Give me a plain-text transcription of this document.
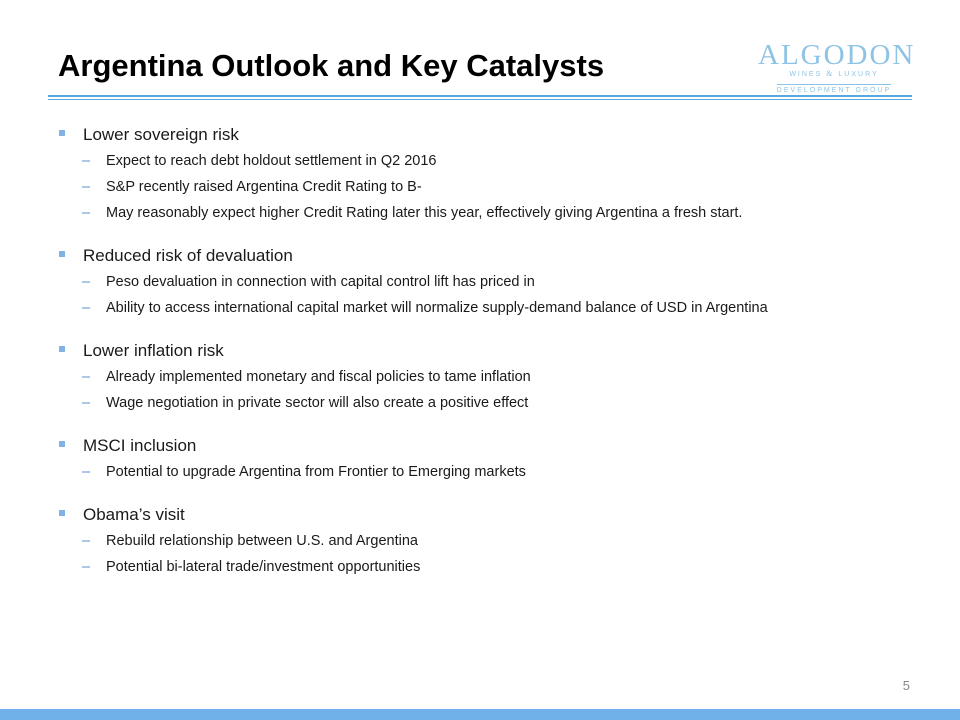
Argentina Outlook and Key Catalysts	ALGODON
WINES & LUXURY
DEVELOPMENT GROUP
Lower sovereign risk
– Expect to reach debt holdout settlement in Q2 2016
– S&P recently raised Argentina Credit Rating to B-
– May reasonably expect higher Credit Rating later this year, effectively giving Argentina a fresh start.
Reduced risk of devaluation
– Peso devaluation in connection with capital control lift has priced in
– Ability to access international capital market will normalize supply-demand balance of USD in Argentina
Lower inflation risk
– Already implemented monetary and fiscal policies to tame inflation
– Wage negotiation in private sector will also create a positive effect
MSCI inclusion
– Potential to upgrade Argentina from Frontier to Emerging markets
Obama’s visit
– Rebuild relationship between U.S. and Argentina
– Potential bi-lateral trade/investment opportunities
5
